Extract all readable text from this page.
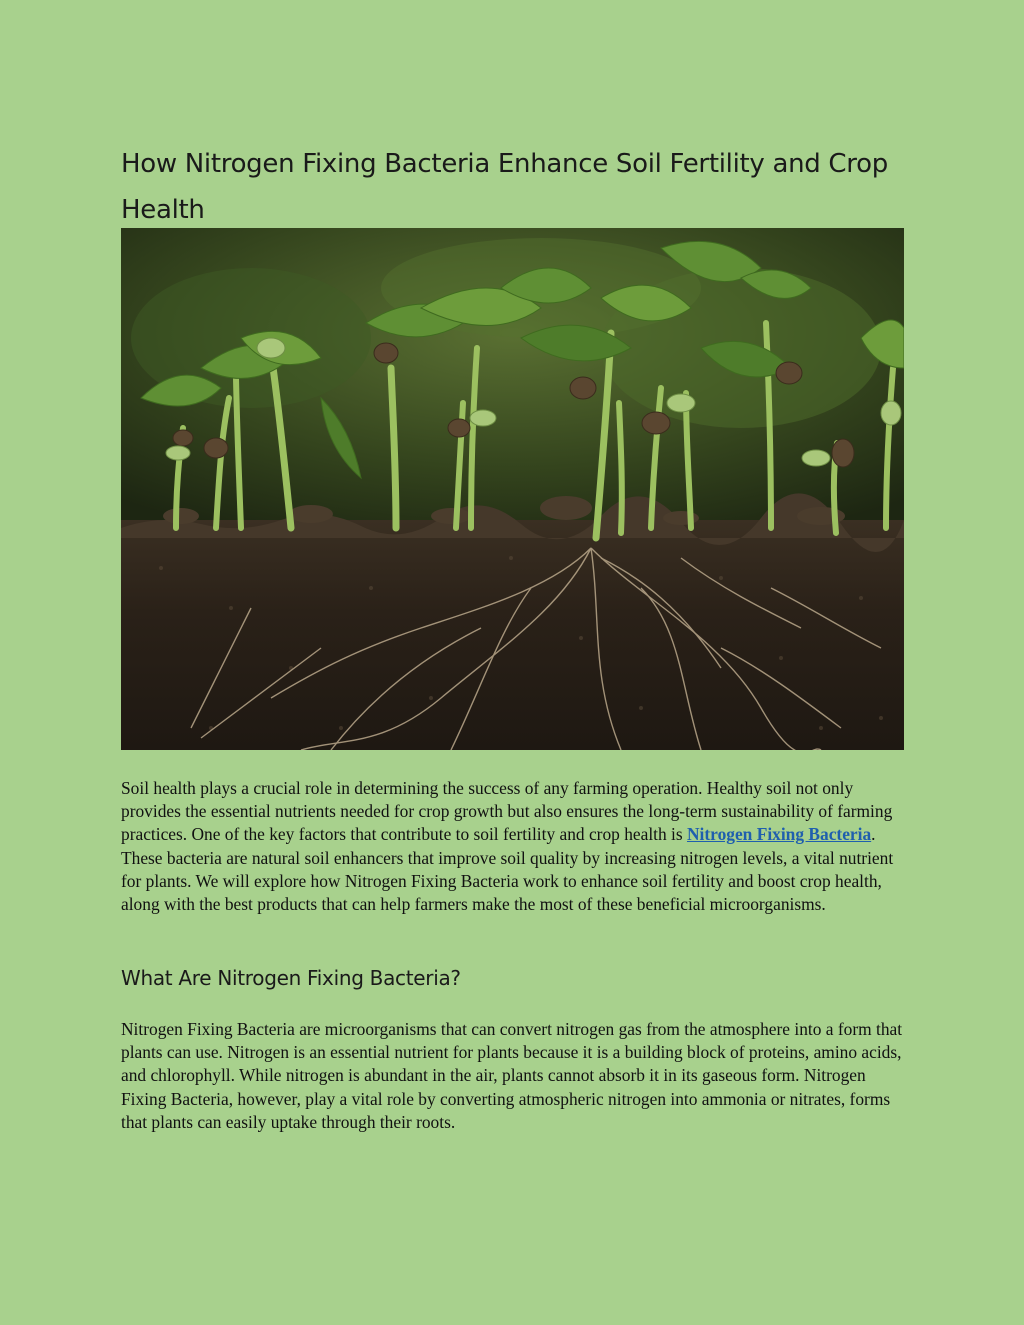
How Nitrogen Fixing Bacteria Enhance Soil Fertility and Crop Health

Soil health plays a crucial role in determining the success of any farming operation. Healthy soil not only provides the essential nutrients needed for crop growth but also ensures the long-term sustainability of farming practices. One of the key factors that contribute to soil fertility and crop health is Nitrogen Fixing Bacteria. These bacteria are natural soil enhancers that improve soil quality by increasing nitrogen levels, a vital nutrient for plants. We will explore how Nitrogen Fixing Bacteria work to enhance soil fertility and boost crop health, along with the best products that can help farmers make the most of these beneficial microorganisms.

What Are Nitrogen Fixing Bacteria?

Nitrogen Fixing Bacteria are microorganisms that can convert nitrogen gas from the atmosphere into a form that plants can use. Nitrogen is an essential nutrient for plants because it is a building block of proteins, amino acids, and chlorophyll. While nitrogen is abundant in the air, plants cannot absorb it in its gaseous form. Nitrogen Fixing Bacteria, however, play a vital role by converting atmospheric nitrogen into ammonia or nitrates, forms that plants can easily uptake through their roots.
